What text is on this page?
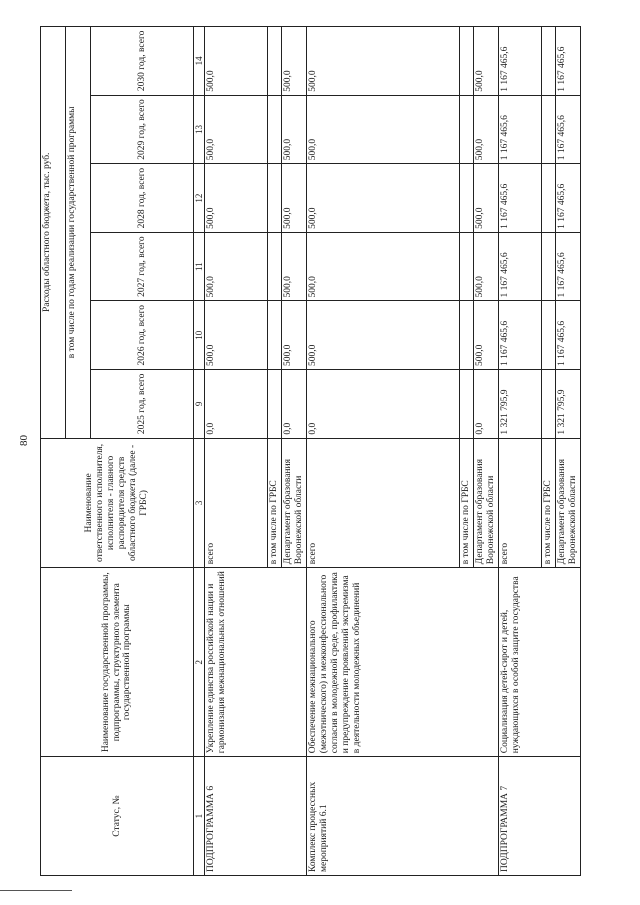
80
Статус, №	Наименование государственной программы, подпрограммы, структурного элемента государственной программы	Наименование ответственного исполнителя, исполнителя - главного распорядителя средств областного бюджета (далее - ГРБС)	Расходы областного бюджета, тыс. руб.					
			в том числе по годам реализации государственной программы					
			2025 год, всего	2026 год, всего	2027 год, всего	2028 год, всего	2029 год, всего	2030 год, всего
1	2	3	9	10	11	12	13	14
ПОДПРОГРАММА 6	Укрепление единства российской нации и гармонизация межнациональных отношений	всего	0,0	500,0	500,0	500,0	500,0	500,0
		в том числе по ГРБС						
		Департамент образования Воронежской области	0,0	500,0	500,0	500,0	500,0	500,0
Комплекс процессных мероприятий 6.1	Обеспечение межнационального (межэтнического) и межконфессионального согласия в молодежной среде, профилактика и предупреждение проявлений экстремизма в деятельности молодежных объединений	всего	0,0	500,0	500,0	500,0	500,0	500,0
		в том числе по ГРБС						
		Департамент образования Воронежской области	0,0	500,0	500,0	500,0	500,0	500,0
ПОДПРОГРАММА 7	Социализация детей-сирот и детей, нуждающихся в особой защите государства	всего	1 321 795,9	1 167 465,6	1 167 465,6	1 167 465,6	1 167 465,6	1 167 465,6
		в том числе по ГРБС						
		Департамент образования Воронежской области	1 321 795,9	1 167 465,6	1 167 465,6	1 167 465,6	1 167 465,6	1 167 465,6
